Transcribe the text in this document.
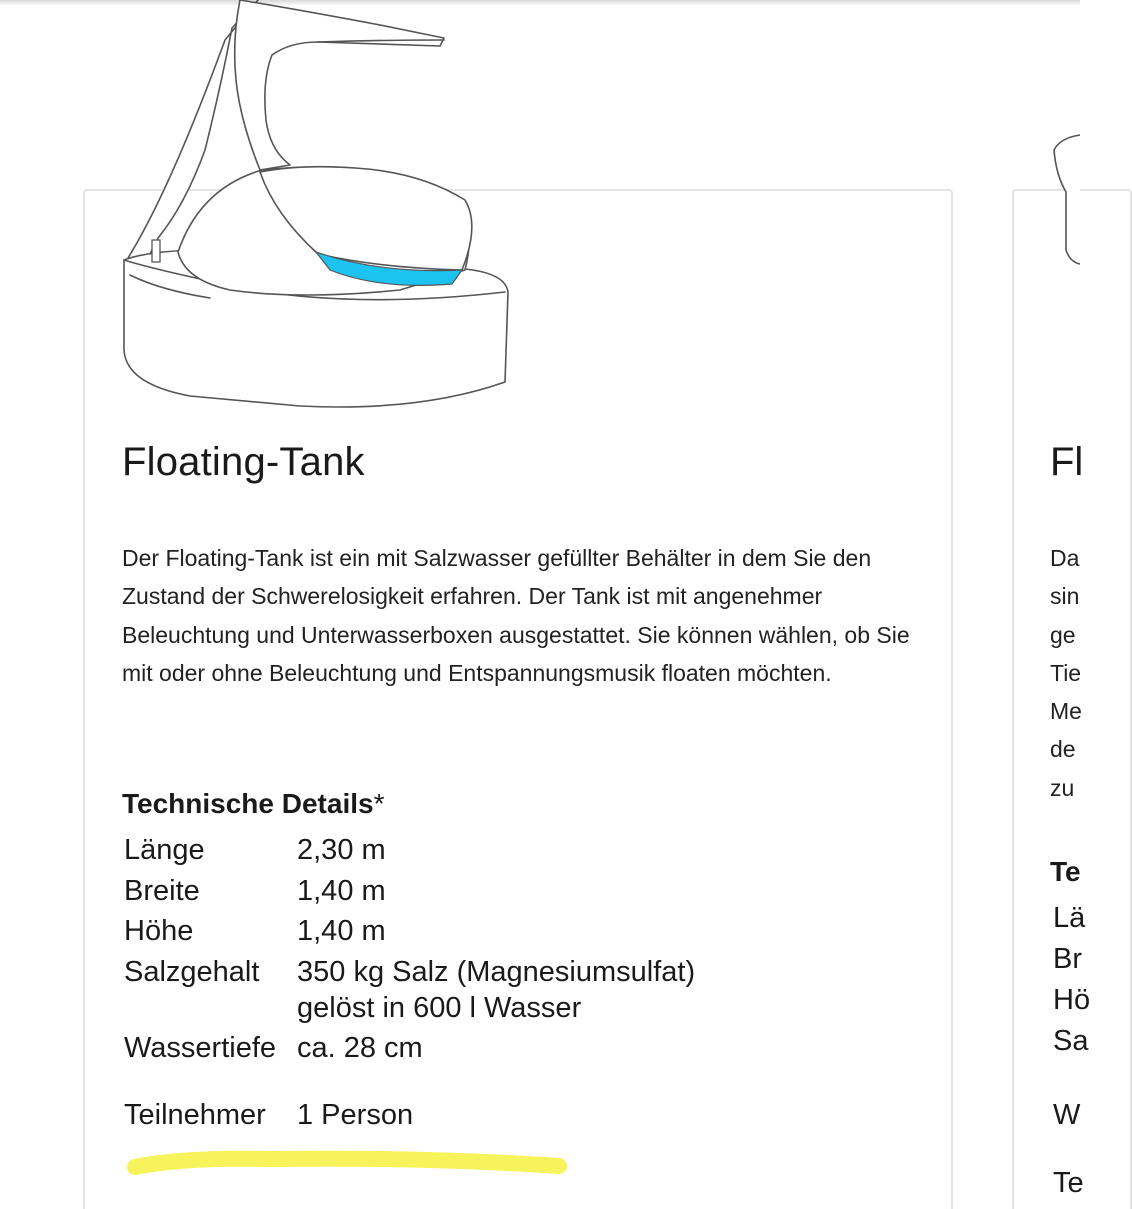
Floating-Tank

Der Floating-Tank ist ein mit Salzwasser gefüllter Behälter in dem Sie den Zustand der Schwerelosigkeit erfahren. Der Tank ist mit angenehmer Beleuchtung und Unterwasserboxen ausgestattet. Sie können wählen, ob Sie mit oder ohne Beleuchtung und Entspannungsmusik floaten möchten.

Technische Details*
Länge	2,30 m
Breite	1,40 m
Höhe	1,40 m
Salzgehalt 350 kg Salz (Magnesiumsulfat)
gelöst in 600 l Wasser
Wassertiefe ca. 28 cm
Teilnehmer 1 Person
Fl
Da
sin
ge
Tie
Me
de
zu
Te
Lä
Br
Hö
Sa
W
Te
